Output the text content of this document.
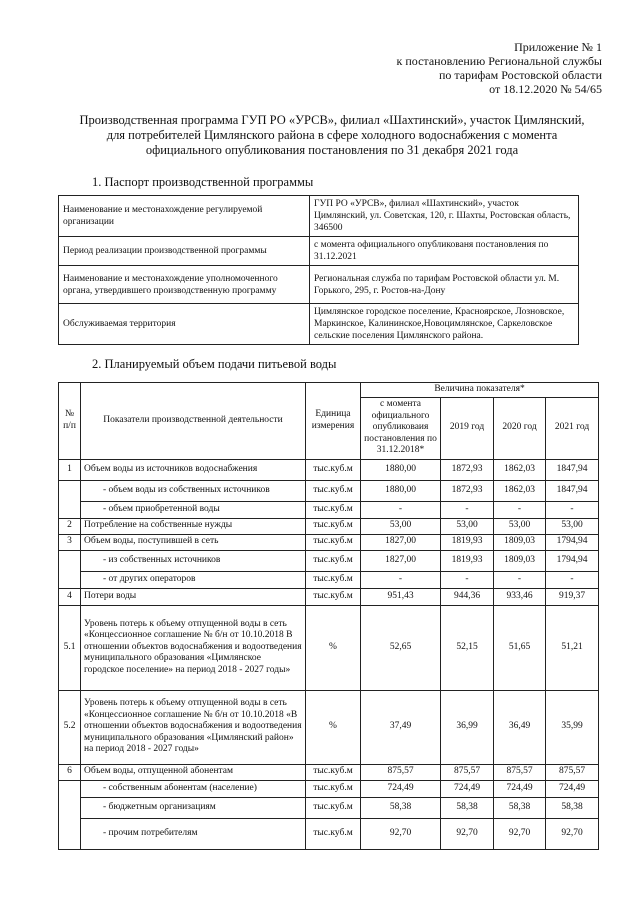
Приложение № 1
к постановлению Региональной службы
по тарифам Ростовской области
от 18.12.2020 № 54/65
Производственная программа ГУП РО «УРСВ», филиал «Шахтинский», участок Цимлянский,
для потребителей Цимлянского района в сфере холодного водоснабжения с момента
официального опубликования постановления по 31 декабря 2021 года
1. Паспорт производственной программы
Наименование и местонахождение регулируемой организации	ГУП РО «УРСВ», филиал «Шахтинский», участок Цимлянский, ул. Советская, 120, г. Шахты, Ростовская область, 346500
Период реализации производственной программы	с момента официального опубликованя постановления по 31.12.2021
Наименование и местонахождение уполномоченного органа, утвердившего производственную программу	Региональная служба по тарифам Ростовской области ул. М. Горького, 295, г. Ростов-на-Дону
Обслуживаемая территория	Цимлянское городское поселение, Красноярское, Лозновское, Маркинское, Калининское,Новоцимлянское, Саркеловское сельские поселения Цимлянского района.
2. Планируемый объем подачи питьевой воды
№ п/п	Показатели производственной деятельности	Единица измерения	Величина показателя*			
			с момента официального опубликоваия постановления по 31.12.2018*	2019 год	2020 год	2021 год
1	Объем воды из источников водоснабжения	тыс.куб.м	1880,00	1872,93	1862,03	1847,94
	- объем воды из собственных источников	тыс.куб.м	1880,00	1872,93	1862,03	1847,94
	- объем приобретенной воды	тыс.куб.м	-	-	-	-
2	Потребление на собственные нужды	тыс.куб.м	53,00	53,00	53,00	53,00
3	Объем воды, поступившей в сеть	тыс.куб.м	1827,00	1819,93	1809,03	1794,94
	- из собственных источников	тыс.куб.м	1827,00	1819,93	1809,03	1794,94
	- от других операторов	тыс.куб.м	-	-	-	-
4	Потери воды	тыс.куб.м	951,43	944,36	933,46	919,37
5.1	Уровень потерь к объему отпущенной воды в сеть «Концессионное соглашение № б/н от 10.10.2018 В отношении объектов водоснабжения и водоотведения муниципального образования «Цимлянское городское поселение» на период 2018 - 2027 годы»	%	52,65	52,15	51,65	51,21
5.2	Уровень потерь к объему отпущенной воды в сеть «Концессионное соглашение № б/н от 10.10.2018 «В отношении объектов водоснабжения и водоотведения муниципального образования «Цимлянский район» на период 2018 - 2027 годы»	%	37,49	36,99	36,49	35,99
6	Объем воды, отпущенной абонентам	тыс.куб.м	875,57	875,57	875,57	875,57
	- собственным абонентам (население)	тыс.куб.м	724,49	724,49	724,49	724,49
	- бюджетным организациям	тыс.куб.м	58,38	58,38	58,38	58,38
	- прочим потребителям	тыс.куб.м	92,70	92,70	92,70	92,70
